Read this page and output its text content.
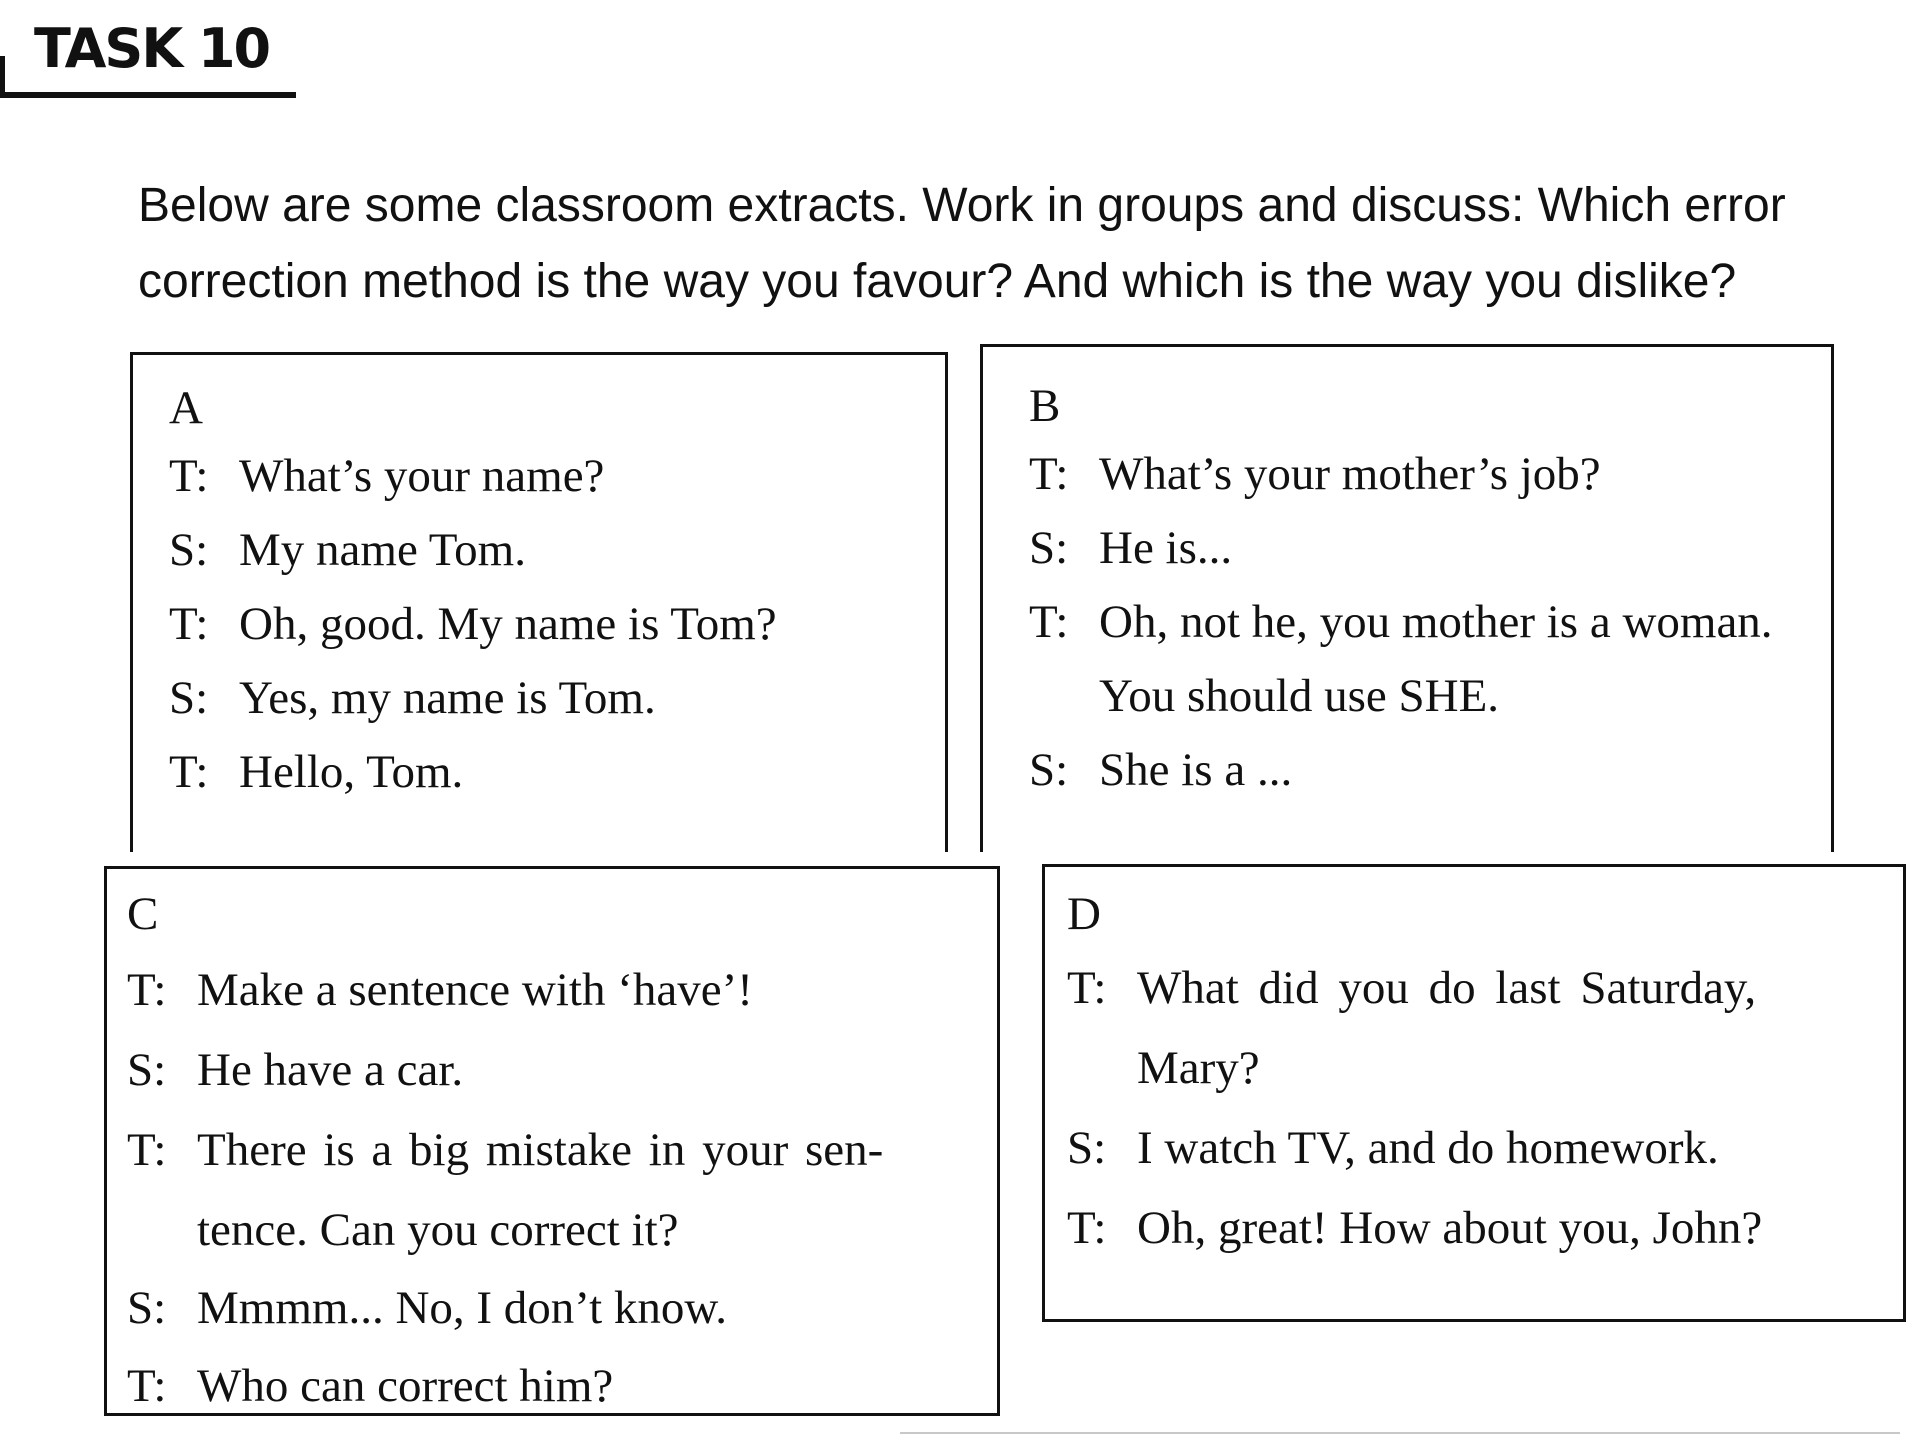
TASK 10
Below are some classroom extracts. Work in groups and discuss: Which error correction method is the way you favour? And which is the way you dislike?
A
T: What’s your name?
S: My name Tom.
T: Oh, good. My name is Tom?
S: Yes, my name is Tom.
T: Hello, Tom.
B
T: What’s your mother’s job?
S: He is...
T: Oh, not he, you mother is a woman.
You should use SHE.
S: She is a ...
C
T: Make a sentence with ‘have’!
S: He have a car.
T: There is a big mistake in your sen-
tence. Can you correct it?
S: Mmmm... No, I don’t know.
T: Who can correct him?
D
T: What did you do last Saturday,
Mary?
S: I watch TV, and do homework.
T: Oh, great! How about you, John?
